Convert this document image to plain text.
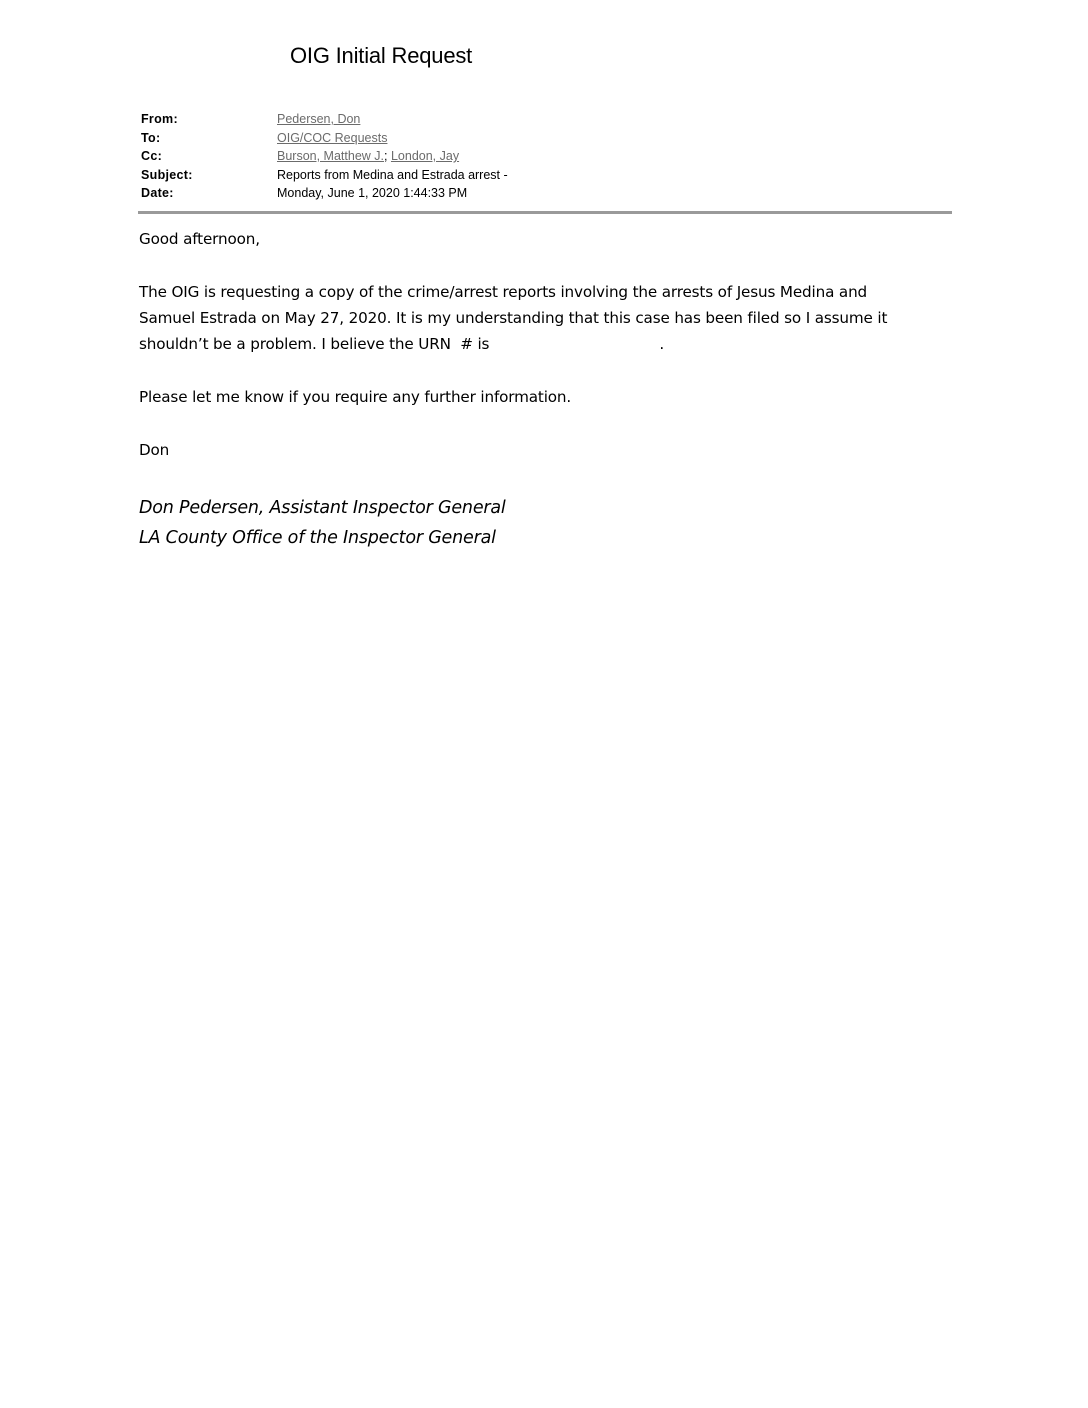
OIG Initial Request
From:	Pedersen, Don
To:	OIG/COC Requests
Cc:	Burson, Matthew J.; London, Jay
Subject:	Reports from Medina and Estrada arrest -
Date:	Monday, June 1, 2020 1:44:33 PM

Good afternoon,

The OIG is requesting a copy of the crime/arrest reports involving the arrests of Jesus Medina and
Samuel Estrada on May 27, 2020. It is my understanding that this case has been filed so I assume it
shouldn’t be a problem. I believe the URN  # is	.

Please let me know if you require any further information.

Don

Don Pedersen, Assistant Inspector General
LA County Office of the Inspector General
